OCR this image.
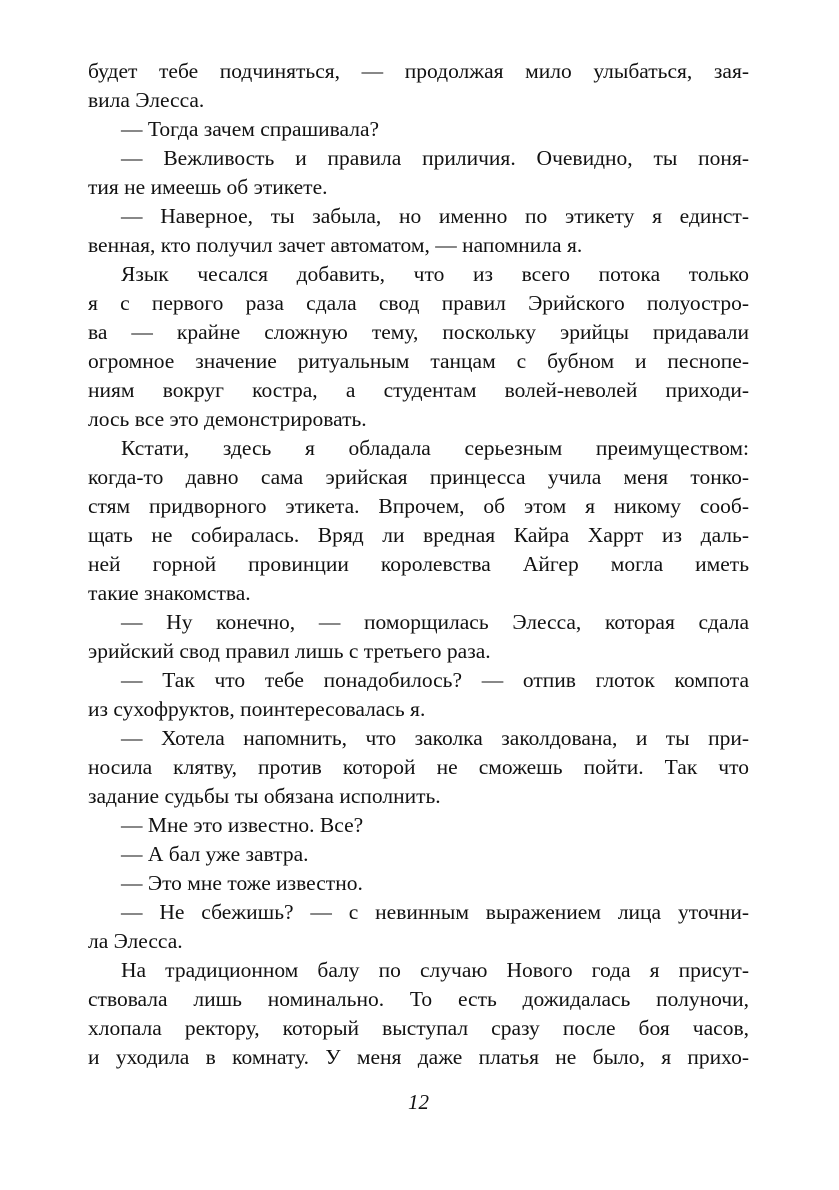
будет тебе подчиняться, — продолжая мило улыбаться, зая-
вила Элесса.
— Тогда зачем спрашивала?
— Вежливость и правила приличия. Очевидно, ты поня-
тия не имеешь об этикете.
— Наверное, ты забыла, но именно по этикету я единст-
венная, кто получил зачет автоматом, — напомнила я.
Язык чесался добавить, что из всего потока только
я с первого раза сдала свод правил Эрийского полуостро-
ва — крайне сложную тему, поскольку эрийцы придавали
огромное значение ритуальным танцам с бубном и песнопе-
ниям вокруг костра, а студентам волей-неволей приходи-
лось все это демонстрировать.
Кстати, здесь я обладала серьезным преимуществом:
когда-то давно сама эрийская принцесса учила меня тонко-
стям придворного этикета. Впрочем, об этом я никому сооб-
щать не собиралась. Вряд ли вредная Кайра Харрт из даль-
ней горной провинции королевства Айгер могла иметь
такие знакомства.
— Ну конечно, — поморщилась Элесса, которая сдала
эрийский свод правил лишь с третьего раза.
— Так что тебе понадобилось? — отпив глоток компота
из сухофруктов, поинтересовалась я.
— Хотела напомнить, что заколка заколдована, и ты при-
носила клятву, против которой не сможешь пойти. Так что
задание судьбы ты обязана исполнить.
— Мне это известно. Все?
— А бал уже завтра.
— Это мне тоже известно.
— Не сбежишь? — с невинным выражением лица уточни-
ла Элесса.
На традиционном балу по случаю Нового года я присут-
ствовала лишь номинально. То есть дожидалась полуночи,
хлопала ректору, который выступал сразу после боя часов,
и уходила в комнату. У меня даже платья не было, я прихо-
12
